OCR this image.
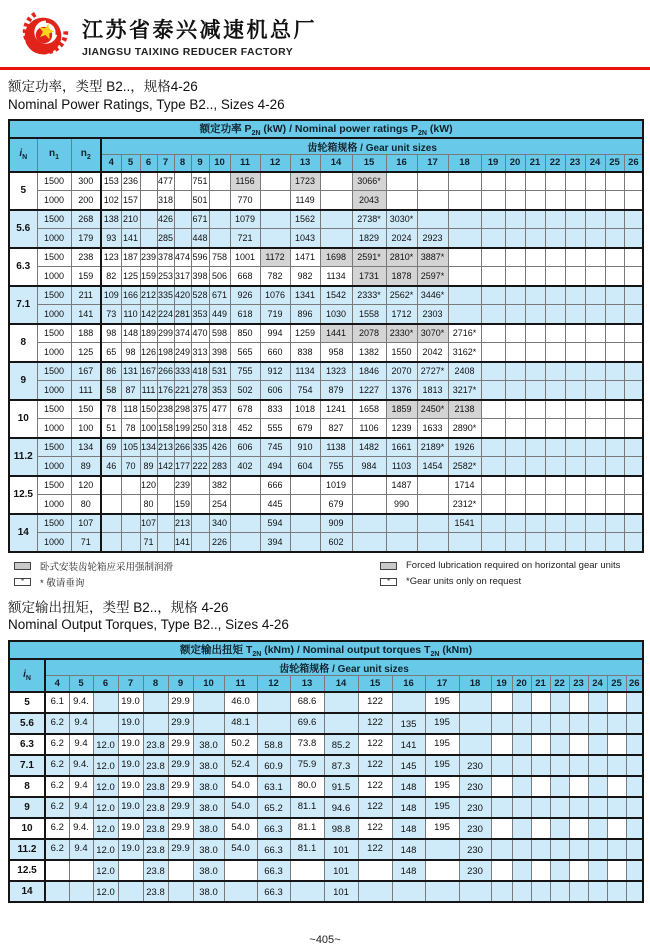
江苏省泰兴减速机总厂
JIANGSU TAIXING REDUCER FACTORY
额定功率，类型 B2..，规格4-26
Nominal Power Ratings, Type B2.., Sizes 4-26
额定功率 $P_{2N}$ (kW) / Nominal power ratings $P_{2N}$ (kW)																									
$i_N$	$n_1$	$n_2$	齿轮箱规格 / Gear unit sizes																						
			4	5	6	7	8	9	10	11	12	13	14	15	16	17	18	19	20	21	22	23	24	25	26
5	1500	300	153	236		477		751		1156		1723		3066*											
	1000	200	102	157		318		501		770		1149		2043											
5.6	1500	268	138	210		426		671		1079		1562		2738*	3030*										
	1000	179	93	141		285		448		721		1043		1829	2024	2923									
6.3	1500	238	123	187	239	378	474	596	758	1001	1172	1471	1698	2591*	2810*	3887*									
	1000	159	82	125	159	253	317	398	506	668	782	982	1134	1731	1878	2597*									
7.1	1500	211	109	166	212	335	420	528	671	926	1076	1341	1542	2333*	2562*	3446*									
	1000	141	73	110	142	224	281	353	449	618	719	896	1030	1558	1712	2303									
8	1500	188	98	148	189	299	374	470	598	850	994	1259	1441	2078	2330*	3070*	2716*								
	1000	125	65	98	126	198	249	313	398	565	660	838	958	1382	1550	2042	3162*								
9	1500	167	86	131	167	266	333	418	531	755	912	1134	1323	1846	2070	2727*	2408								
	1000	111	58	87	111	176	221	278	353	502	606	754	879	1227	1376	1813	3217*								
10	1500	150	78	118	150	238	298	375	477	678	833	1018	1241	1658	1859	2450*	2138								
	1000	100	51	78	100	158	199	250	318	452	555	679	827	1106	1239	1633	2890*								
11.2	1500	134	69	105	134	213	266	335	426	606	745	910	1138	1482	1661	2189*	1926								
	1000	89	46	70	89	142	177	222	283	402	494	604	755	984	1103	1454	2582*								
12.5	1500	120			120		239		382		666		1019		1487		1714								
	1000	80			80		159		254		445		679		990		2312*								
14	1500	107			107		213		340		594		909				1541								
	1000	71			71		141		226		394		602												
卧式安装齿轮箱应采用强制润滑
*	* 敬请垂询
Forced lubrication required on horizontal gear units
*	*Gear units only on request
额定输出扭矩，类型 B2..，规格 4-26
Nominal Output Torques, Type B2.., Sizes 4-26
额定输出扭矩 $T_{2N}$ (kNm) / Nominal output torques $T_{2N}$ (kNm)																							
$i_N$	齿轮箱规格 / Gear unit sizes																						
	4	5	6	7	8	9	10	11	12	13	14	15	16	17	18	19	20	21	22	23	24	25	26
5	6.1	9.4.		19.0		29.9		46.0		68.6		122		195									
5.6	6.2	9.4		19.0		29.9		48.1		69.6		122	135	195									
6.3	6.2	9.4	12.0	19.0	23.8	29.9	38.0	50.2	58.8	73.8	85.2	122	141	195									
7.1	6.2	9.4.	12.0	19.0	23.8	29.9	38.0	52.4	60.9	75.9	87.3	122	145	195	230								
8	6.2	9.4	12.0	19.0	23.8	29.9	38.0	54.0	63.1	80.0	91.5	122	148	195	230								
9	6.2	9.4	12.0	19.0	23.8	29.9	38.0	54.0	65.2	81.1	94.6	122	148	195	230								
10	6.2	9.4.	12.0	19.0	23.8	29.9	38.0	54.0	66.3	81.1	98.8	122	148	195	230								
11.2	6.2	9.4	12.0	19.0	23.8	29.9	38.0	54.0	66.3	81.1	101	122	148		230								
12.5			12.0		23.8		38.0		66.3		101		148		230								
14			12.0		23.8		38.0		66.3		101												
~405~
